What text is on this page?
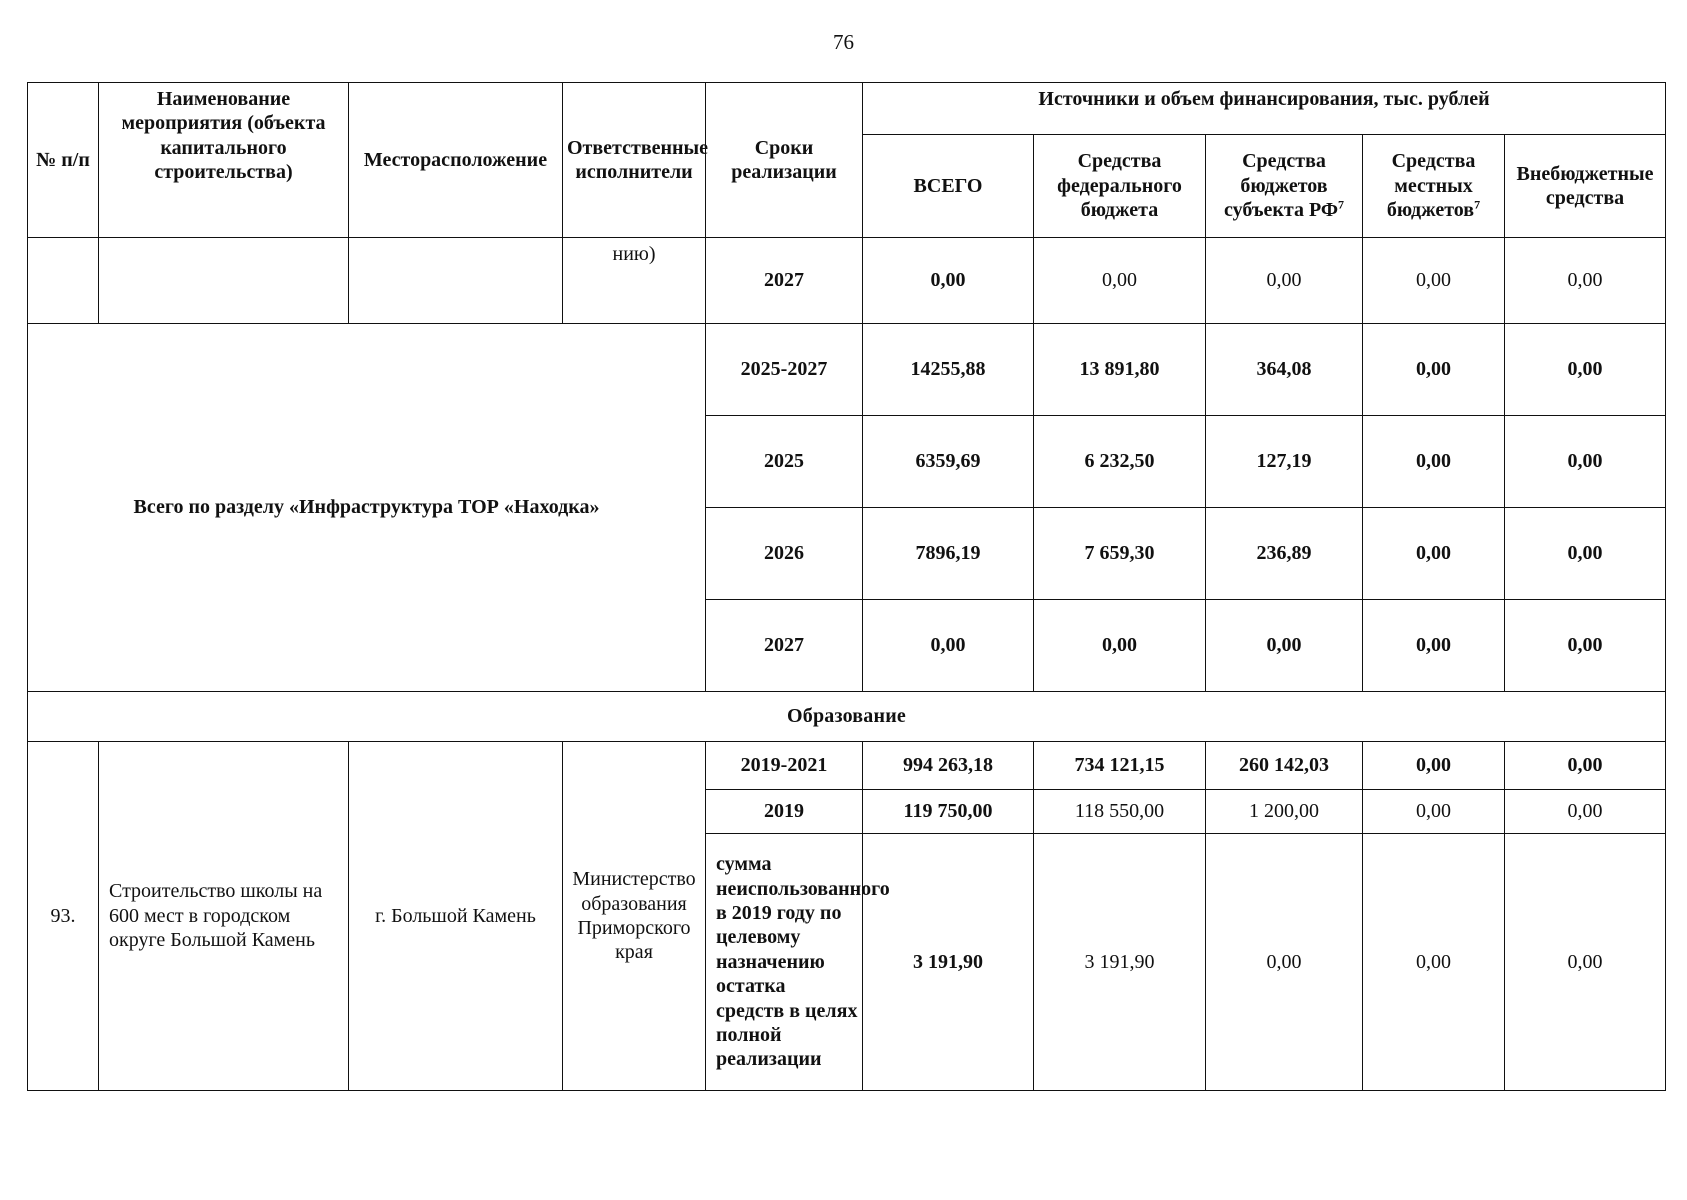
76
№ п/п	Наименование мероприятия (объекта капитального строительства)	Месторасположение	Ответственные исполнители	Сроки реализации	Источники и объем финансирования, тыс. рублей				
					ВСЕГО	Средства федерального бюджета	Средства бюджетов субъекта $РФ^7$	Средства местных бюджетов$^7$	Внебюджетные средства
			нию)	2027	0,00	0,00	0,00	0,00	0,00
Всего по разделу «Инфраструктура ТОР «Находка»				2025-2027	14255,88	13 891,80	364,08	0,00	0,00
				2025	6359,69	6 232,50	127,19	0,00	0,00
				2026	7896,19	7 659,30	236,89	0,00	0,00
				2027	0,00	0,00	0,00	0,00	0,00
Образование									
93.	Строительство школы на 600 мест в городском округе Большой Камень	г. Большой Камень	Министерство образования Приморского края	2019-2021	994 263,18	734 121,15	260 142,03	0,00	0,00
				2019	119 750,00	118 550,00	1 200,00	0,00	0,00
				сумма неиспользованного в 2019 году по целевому назначению остатка средств в целях полной реализации	3 191,90	3 191,90	0,00	0,00	0,00
